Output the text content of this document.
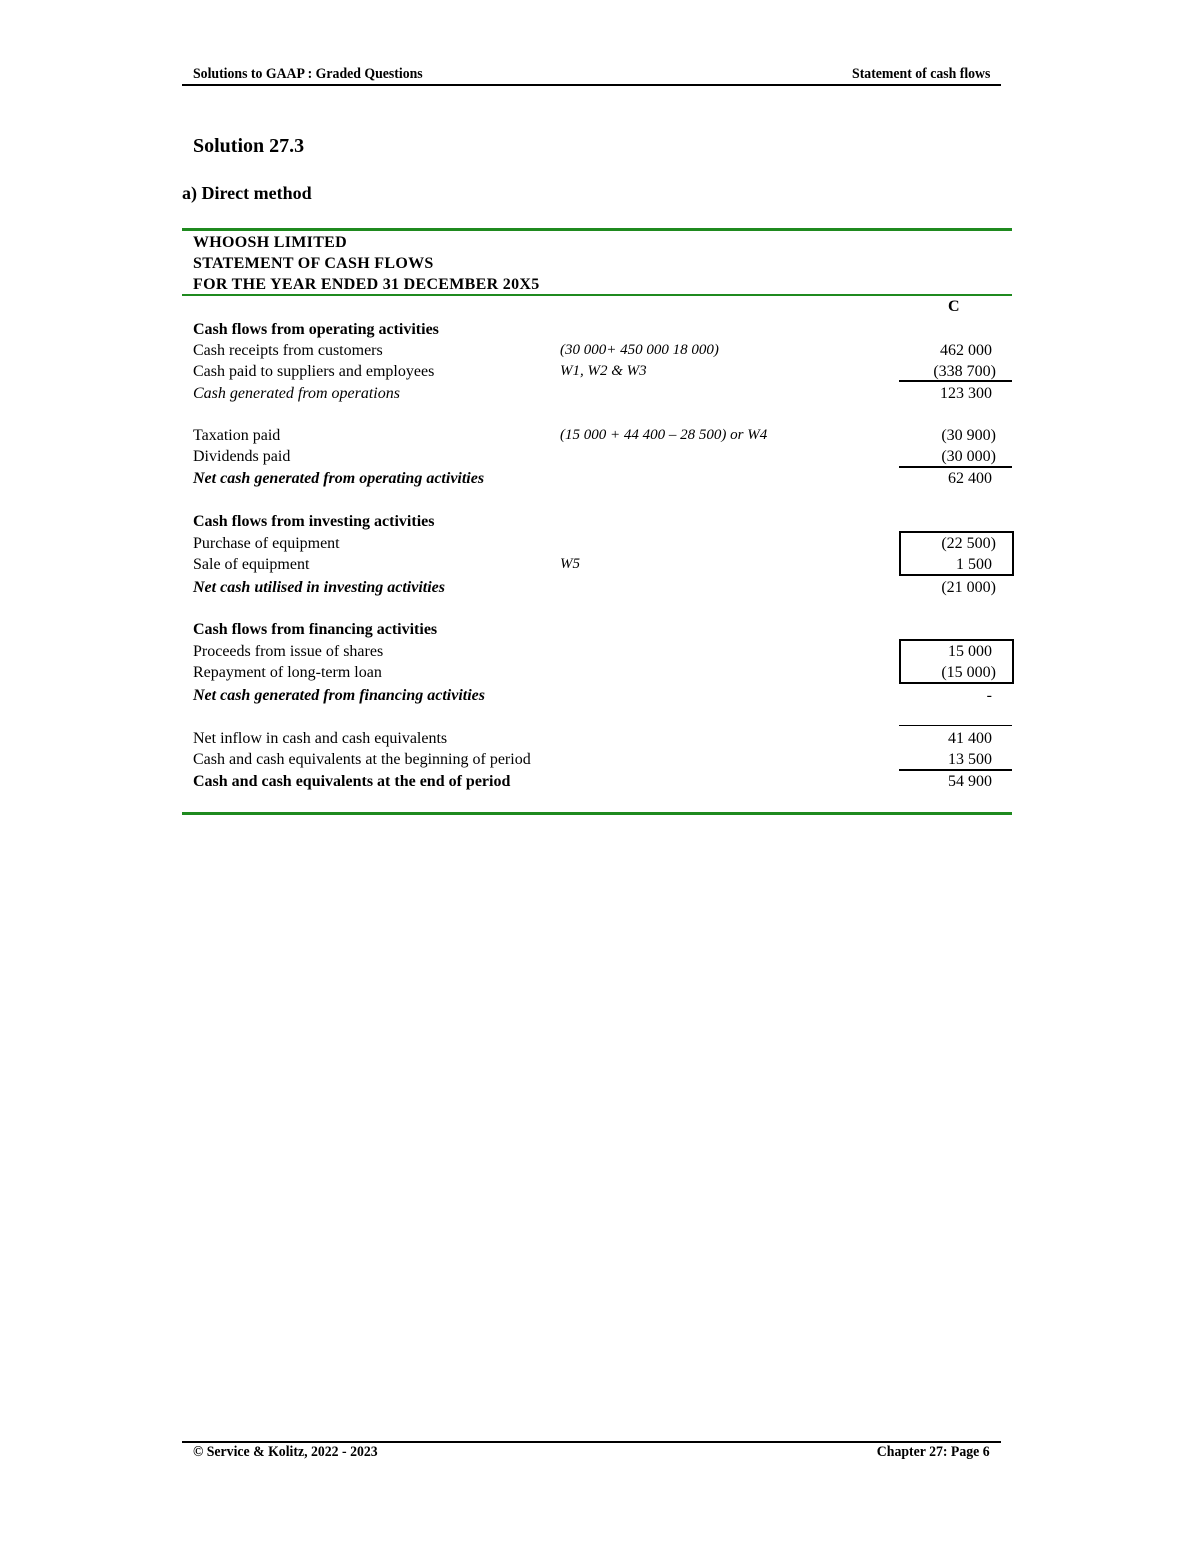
Solutions to GAAP : Graded Questions	Statement of cash flows
Solution 27.3
a) Direct method
WHOOSH LIMITED
STATEMENT OF CASH FLOWS
FOR THE YEAR ENDED 31 DECEMBER 20X5
C
Cash flows from operating activities
Cash receipts from customers	(30 000+ 450 000 18 000)	462 000
Cash paid to suppliers and employees	W1, W2 & W3	(338 700)
Cash generated from operations	123 300
Taxation paid	(15 000 + 44 400 – 28 500) or W4	(30 900)
Dividends paid	(30 000)
Net cash generated from operating activities	62 400
Cash flows from investing activities
Purchase of equipment	(22 500)
Sale of equipment	W5	1 500
Net cash utilised in investing activities	(21 000)
Cash flows from financing activities
Proceeds from issue of shares	15 000
Repayment of long-term loan	(15 000)
Net cash generated from financing activities	-
Net inflow in cash and cash equivalents	41 400
Cash and cash equivalents at the beginning of period	13 500
Cash and cash equivalents at the end of period	54 900
© Service & Kolitz, 2022 - 2023	Chapter 27: Page 6
